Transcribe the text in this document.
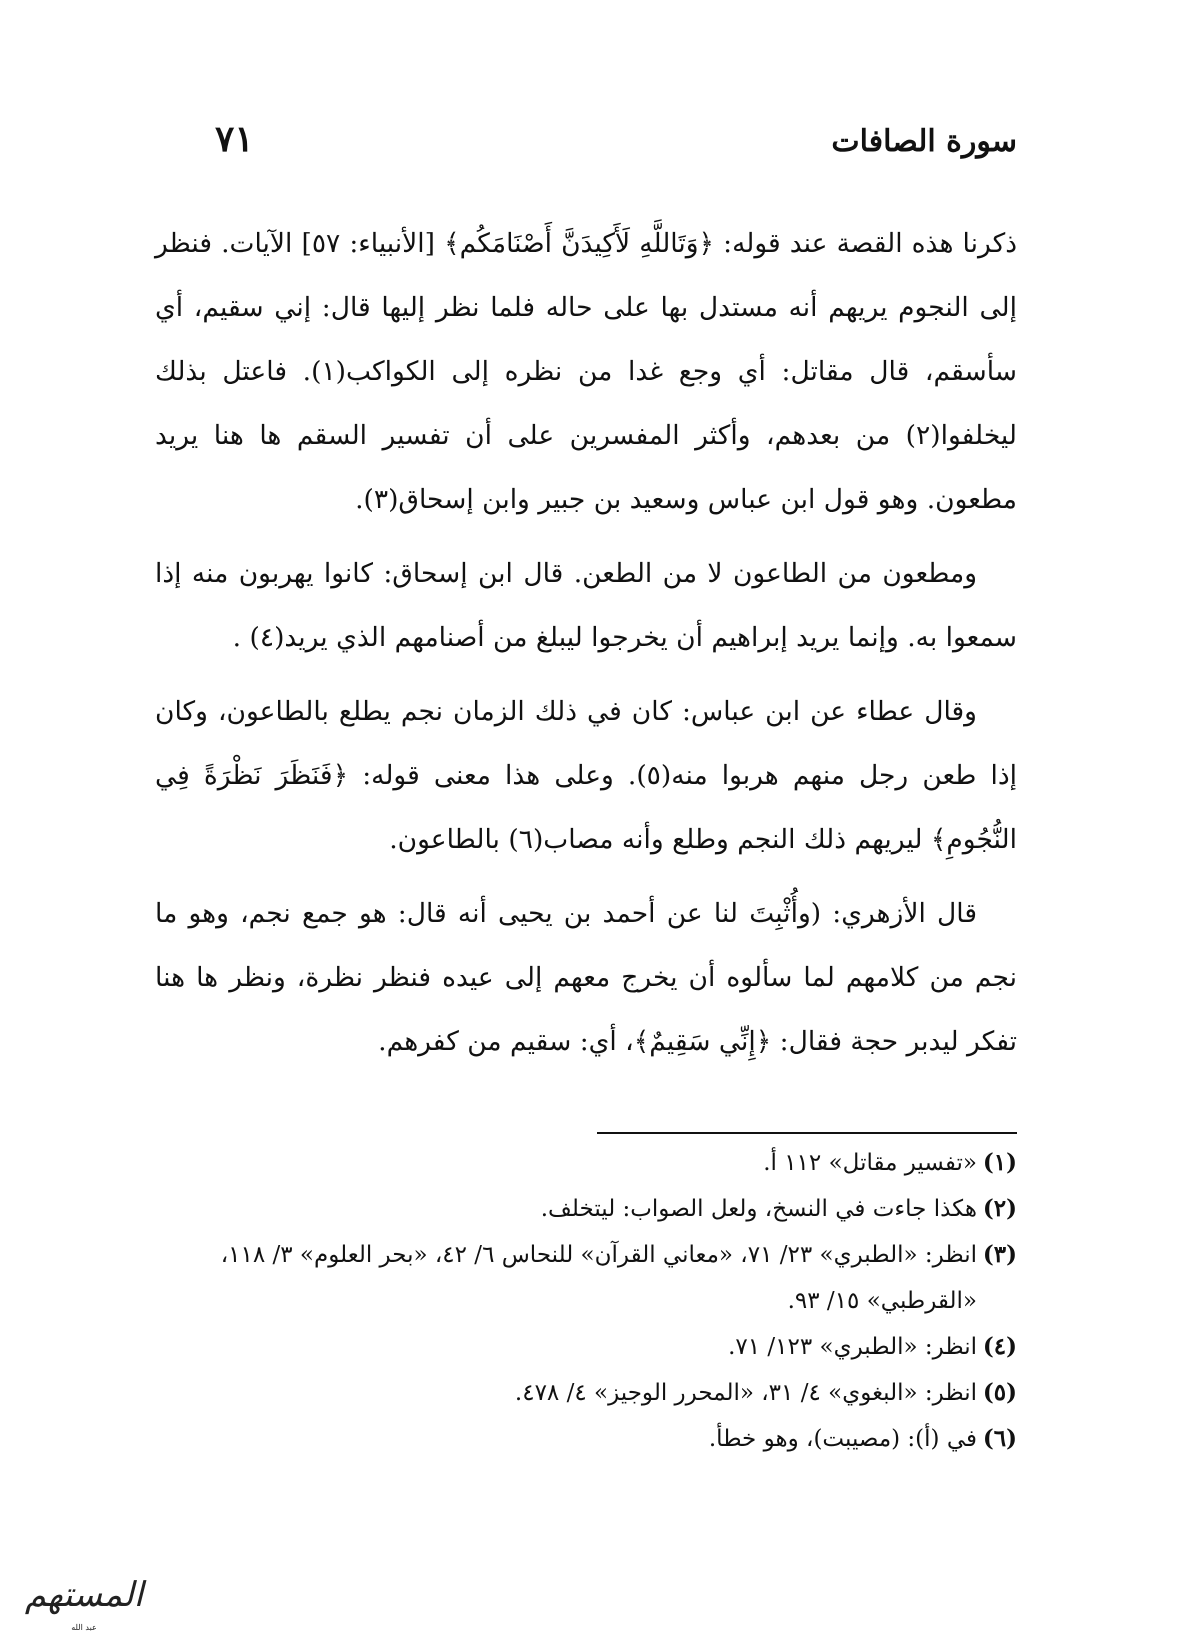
سورة الصافات
٧١

ذكرنا هذه القصة عند قوله: ﴿وَتَاللَّهِ لَأَكِيدَنَّ أَصْنَامَكُم﴾ [الأنبياء: ٥٧] الآيات. فنظر إلى النجوم يريهم أنه مستدل بها على حاله فلما نظر إليها قال: إني سقيم، أي سأسقم، قال مقاتل: أي وجع غدا من نظره إلى الكواكب(١). فاعتل بذلك ليخلفوا(٢) من بعدهم، وأكثر المفسرين على أن تفسير السقم ها هنا يريد مطعون. وهو قول ابن عباس وسعيد بن جبير وابن إسحاق(٣).

ومطعون من الطاعون لا من الطعن. قال ابن إسحاق: كانوا يهربون منه إذا سمعوا به. وإنما يريد إبراهيم أن يخرجوا ليبلغ من أصنامهم الذي يريد(٤) .

وقال عطاء عن ابن عباس: كان في ذلك الزمان نجم يطلع بالطاعون، وكان إذا طعن رجل منهم هربوا منه(٥). وعلى هذا معنى قوله: ﴿فَنَظَرَ نَظْرَةً فِي النُّجُومِ﴾ ليريهم ذلك النجم وطلع وأنه مصاب(٦) بالطاعون.

قال الأزهري: (وأُثْبِتَ لنا عن أحمد بن يحيى أنه قال: هو جمع نجم، وهو ما نجم من كلامهم لما سألوه أن يخرج معهم إلى عيده فنظر نظرة، ونظر ها هنا تفكر ليدبر حجة فقال: ﴿إِنِّي سَقِيمٌ﴾، أي: سقيم من كفرهم.

(١)
«تفسير مقاتل» ١١٢ أ.
(٢)
هكذا جاءت في النسخ، ولعل الصواب: ليتخلف.
(٣)
انظر: «الطبري» ٢٣/ ٧١، «معاني القرآن» للنحاس ٦/ ٤٢، «بحر العلوم» ٣/ ١١٨، «القرطبي» ١٥/ ٩٣.
(٤)
انظر: «الطبري» ١٢٣/ ٧١.
(٥)
انظر: «البغوي» ٤/ ٣١، «المحرر الوجيز» ٤/ ٤٧٨.
(٦)
في (أ): (مصيبت)، وهو خطأ.
المستهم
عبد الله
